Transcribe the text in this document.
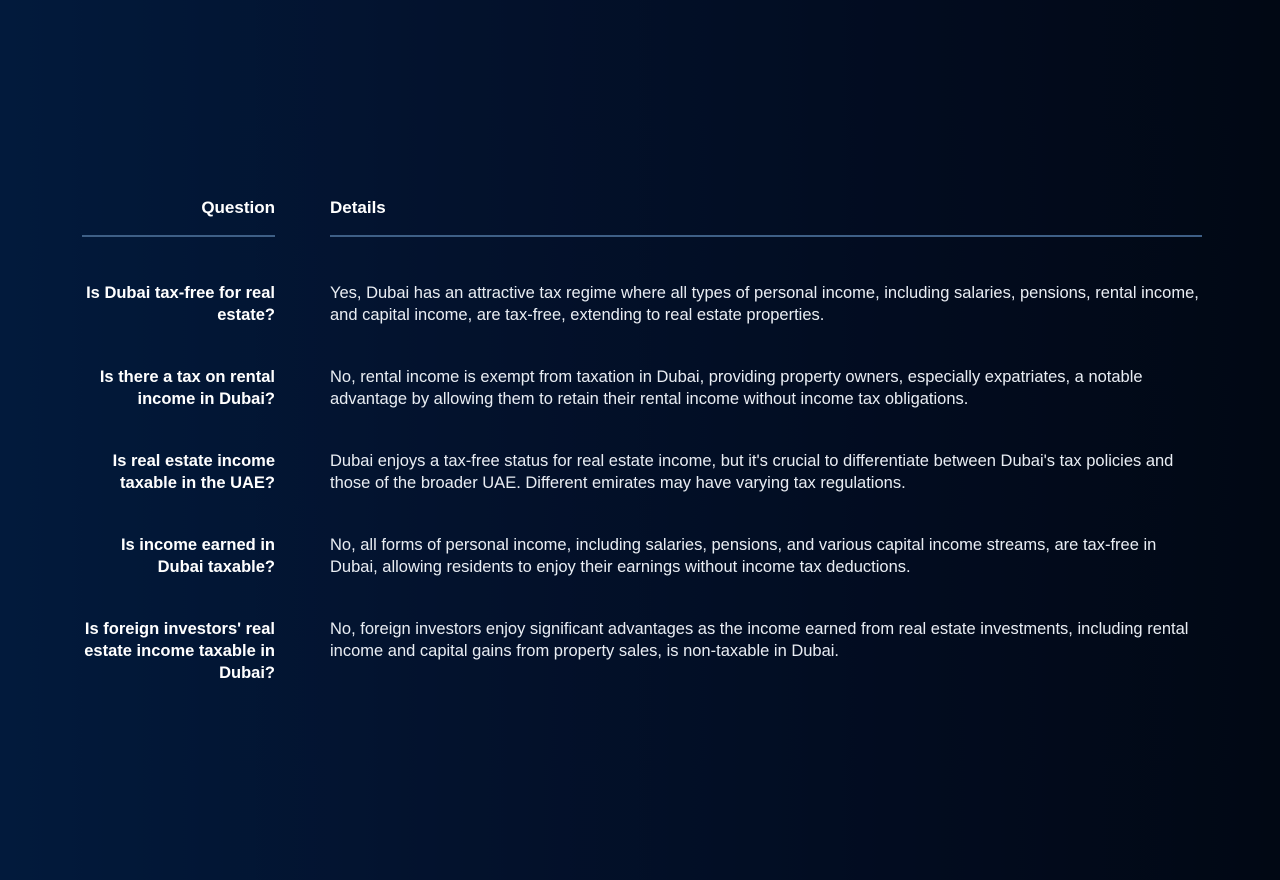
Question	Details
Is Dubai tax-free for real estate?
Yes, Dubai has an attractive tax regime where all types of personal income, including salaries, pensions, rental income, and capital income, are tax-free, extending to real estate properties.
Is there a tax on rental income in Dubai?
No, rental income is exempt from taxation in Dubai, providing property owners, especially expatriates, a notable advantage by allowing them to retain their rental income without income tax obligations.
Is real estate income taxable in the UAE?
Dubai enjoys a tax-free status for real estate income, but it's crucial to differentiate between Dubai's tax policies and those of the broader UAE. Different emirates may have varying tax regulations.
Is income earned in Dubai taxable?
No, all forms of personal income, including salaries, pensions, and various capital income streams, are tax-free in Dubai, allowing residents to enjoy their earnings without income tax deductions.
Is foreign investors' real estate income taxable in Dubai?
No, foreign investors enjoy significant advantages as the income earned from real estate investments, including rental income and capital gains from property sales, is non-taxable in Dubai.
